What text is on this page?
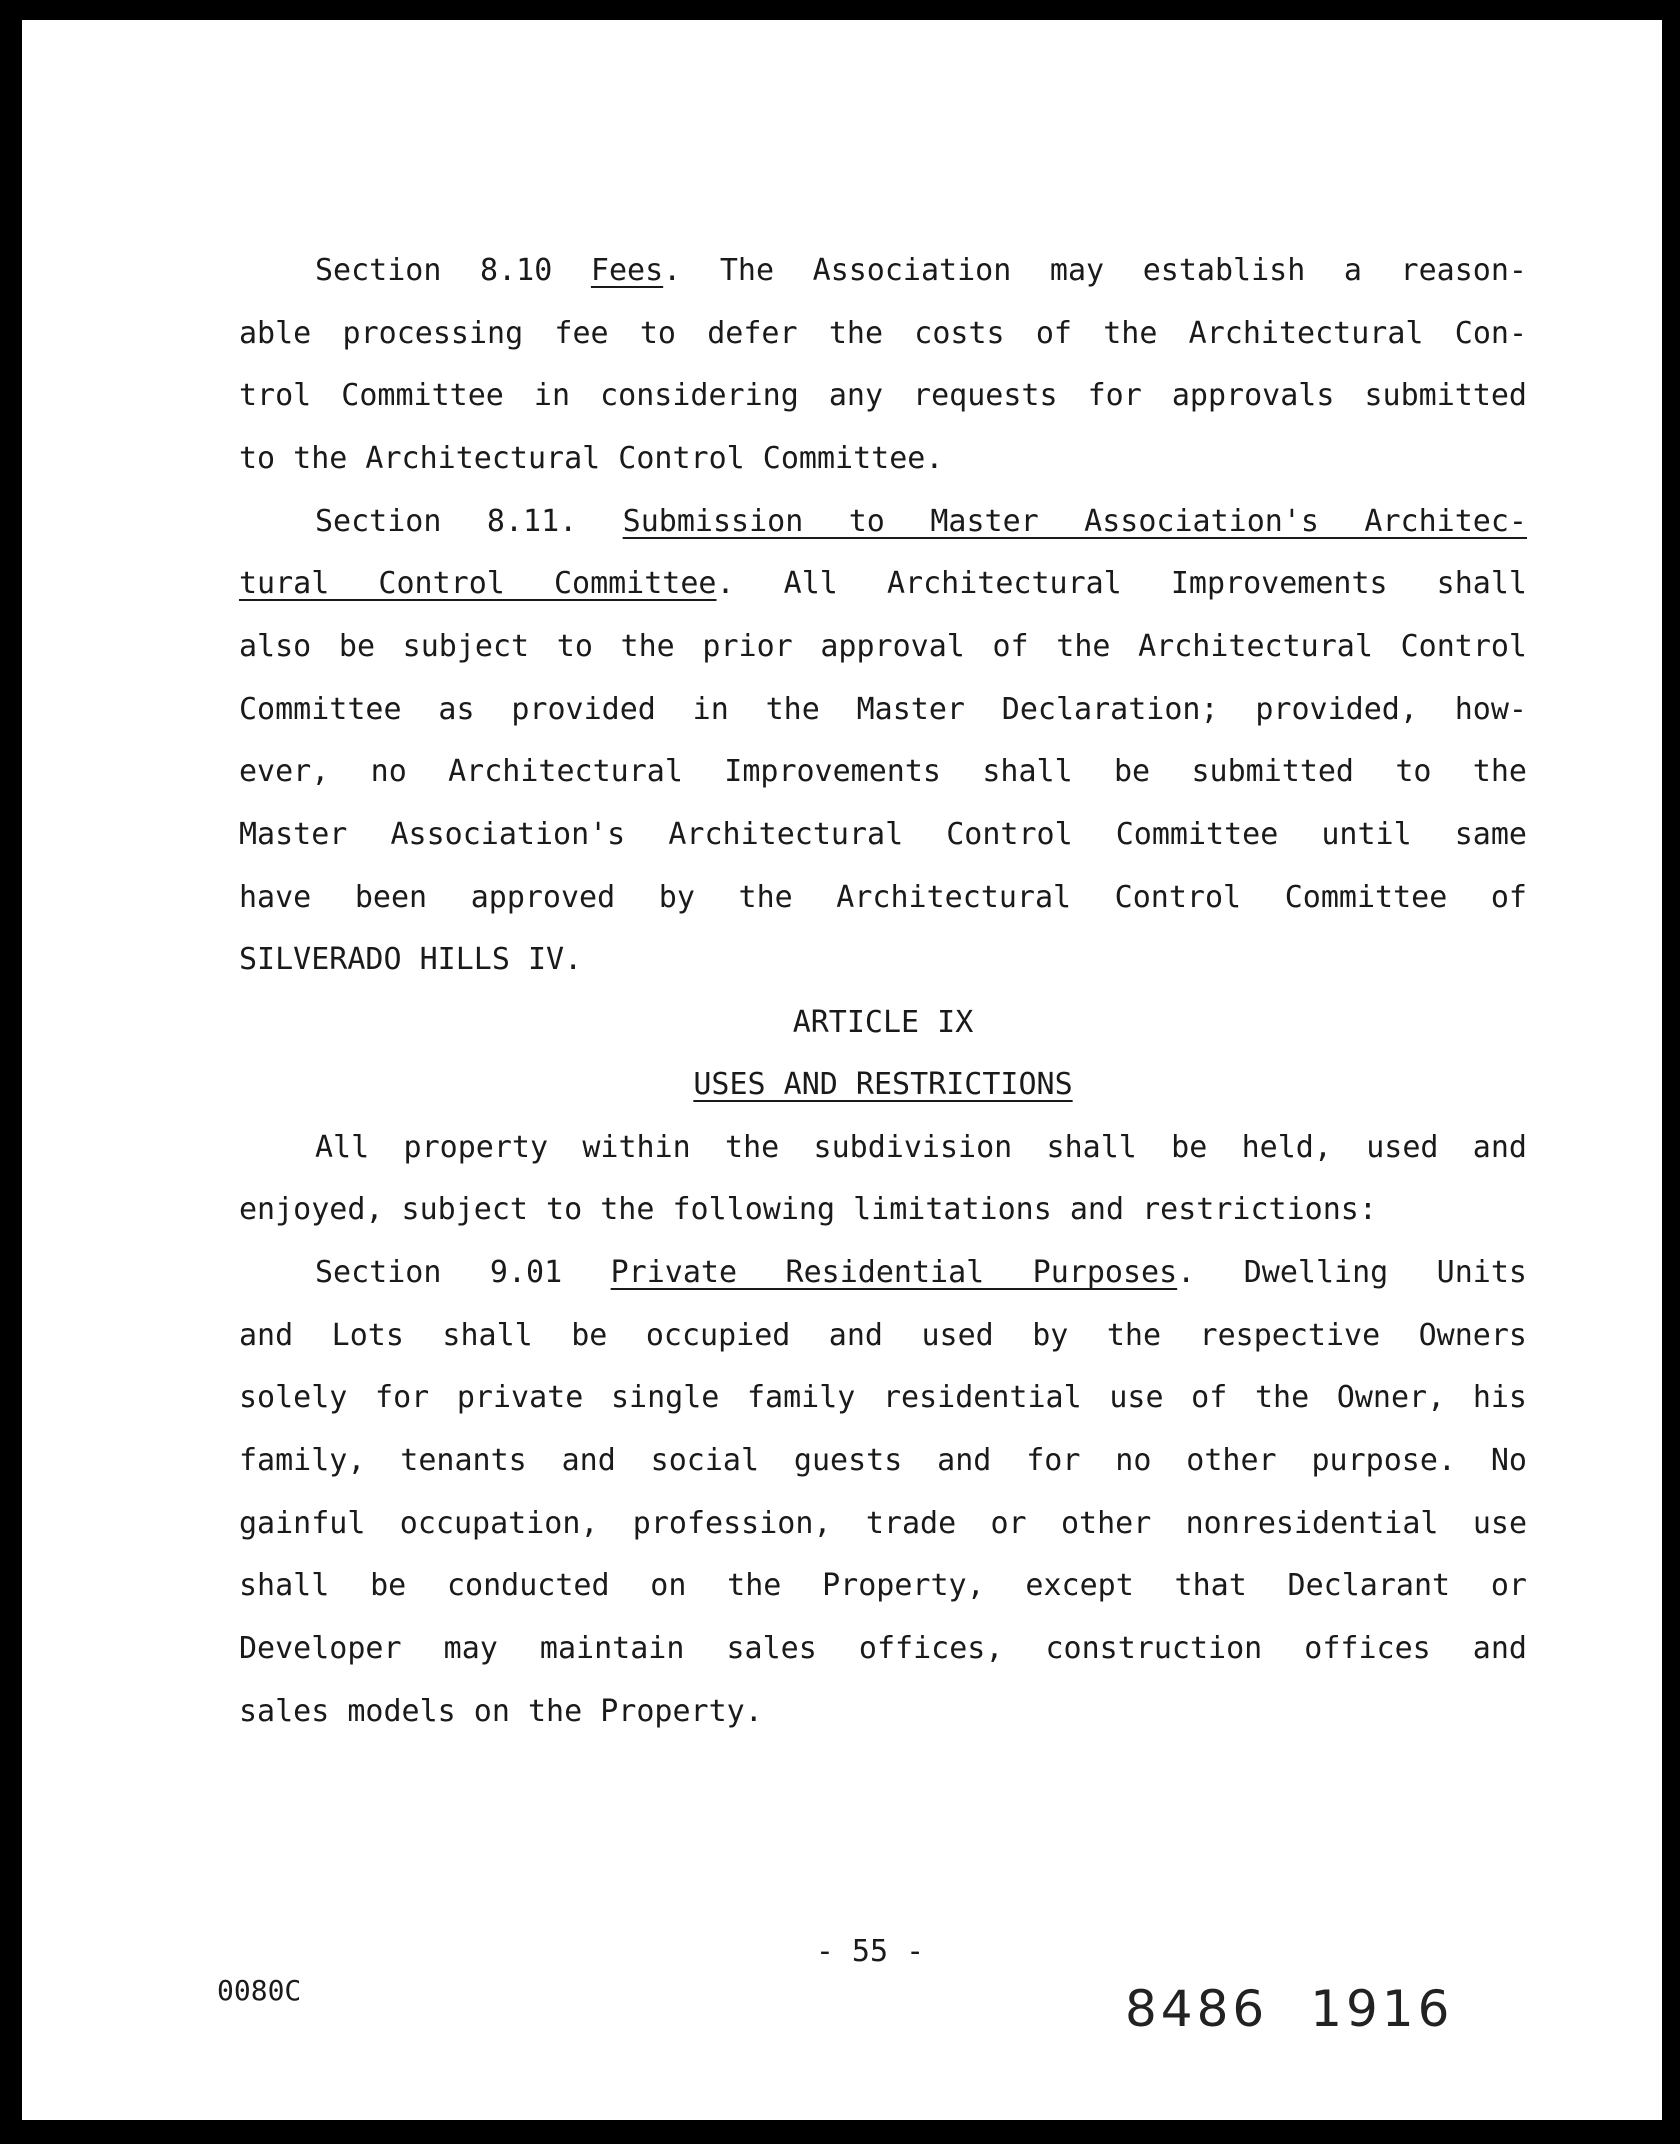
Section 8.10 Fees. The Association may establish a reason-
able processing fee to defer the costs of the Architectural Con-
trol Committee in considering any requests for approvals submitted
to the Architectural Control Committee.
Section 8.11. Submission to Master Association's Architec-
tural Control Committee. All Architectural Improvements shall
also be subject to the prior approval of the Architectural Control
Committee as provided in the Master Declaration; provided, how-
ever, no Architectural Improvements shall be submitted to the
Master Association's Architectural Control Committee until same
have been approved by the Architectural Control Committee of
SILVERADO HILLS IV.
ARTICLE IX
USES AND RESTRICTIONS
All property within the subdivision shall be held, used and
enjoyed, subject to the following limitations and restrictions:
Section 9.01 Private Residential Purposes. Dwelling Units
and Lots shall be occupied and used by the respective Owners
solely for private single family residential use of the Owner, his
family, tenants and social guests and for no other purpose. No
gainful occupation, profession, trade or other nonresidential use
shall be conducted on the Property, except that Declarant or
Developer may maintain sales offices, construction offices and
sales models on the Property.
- 55 -
0080C	8486 1916
